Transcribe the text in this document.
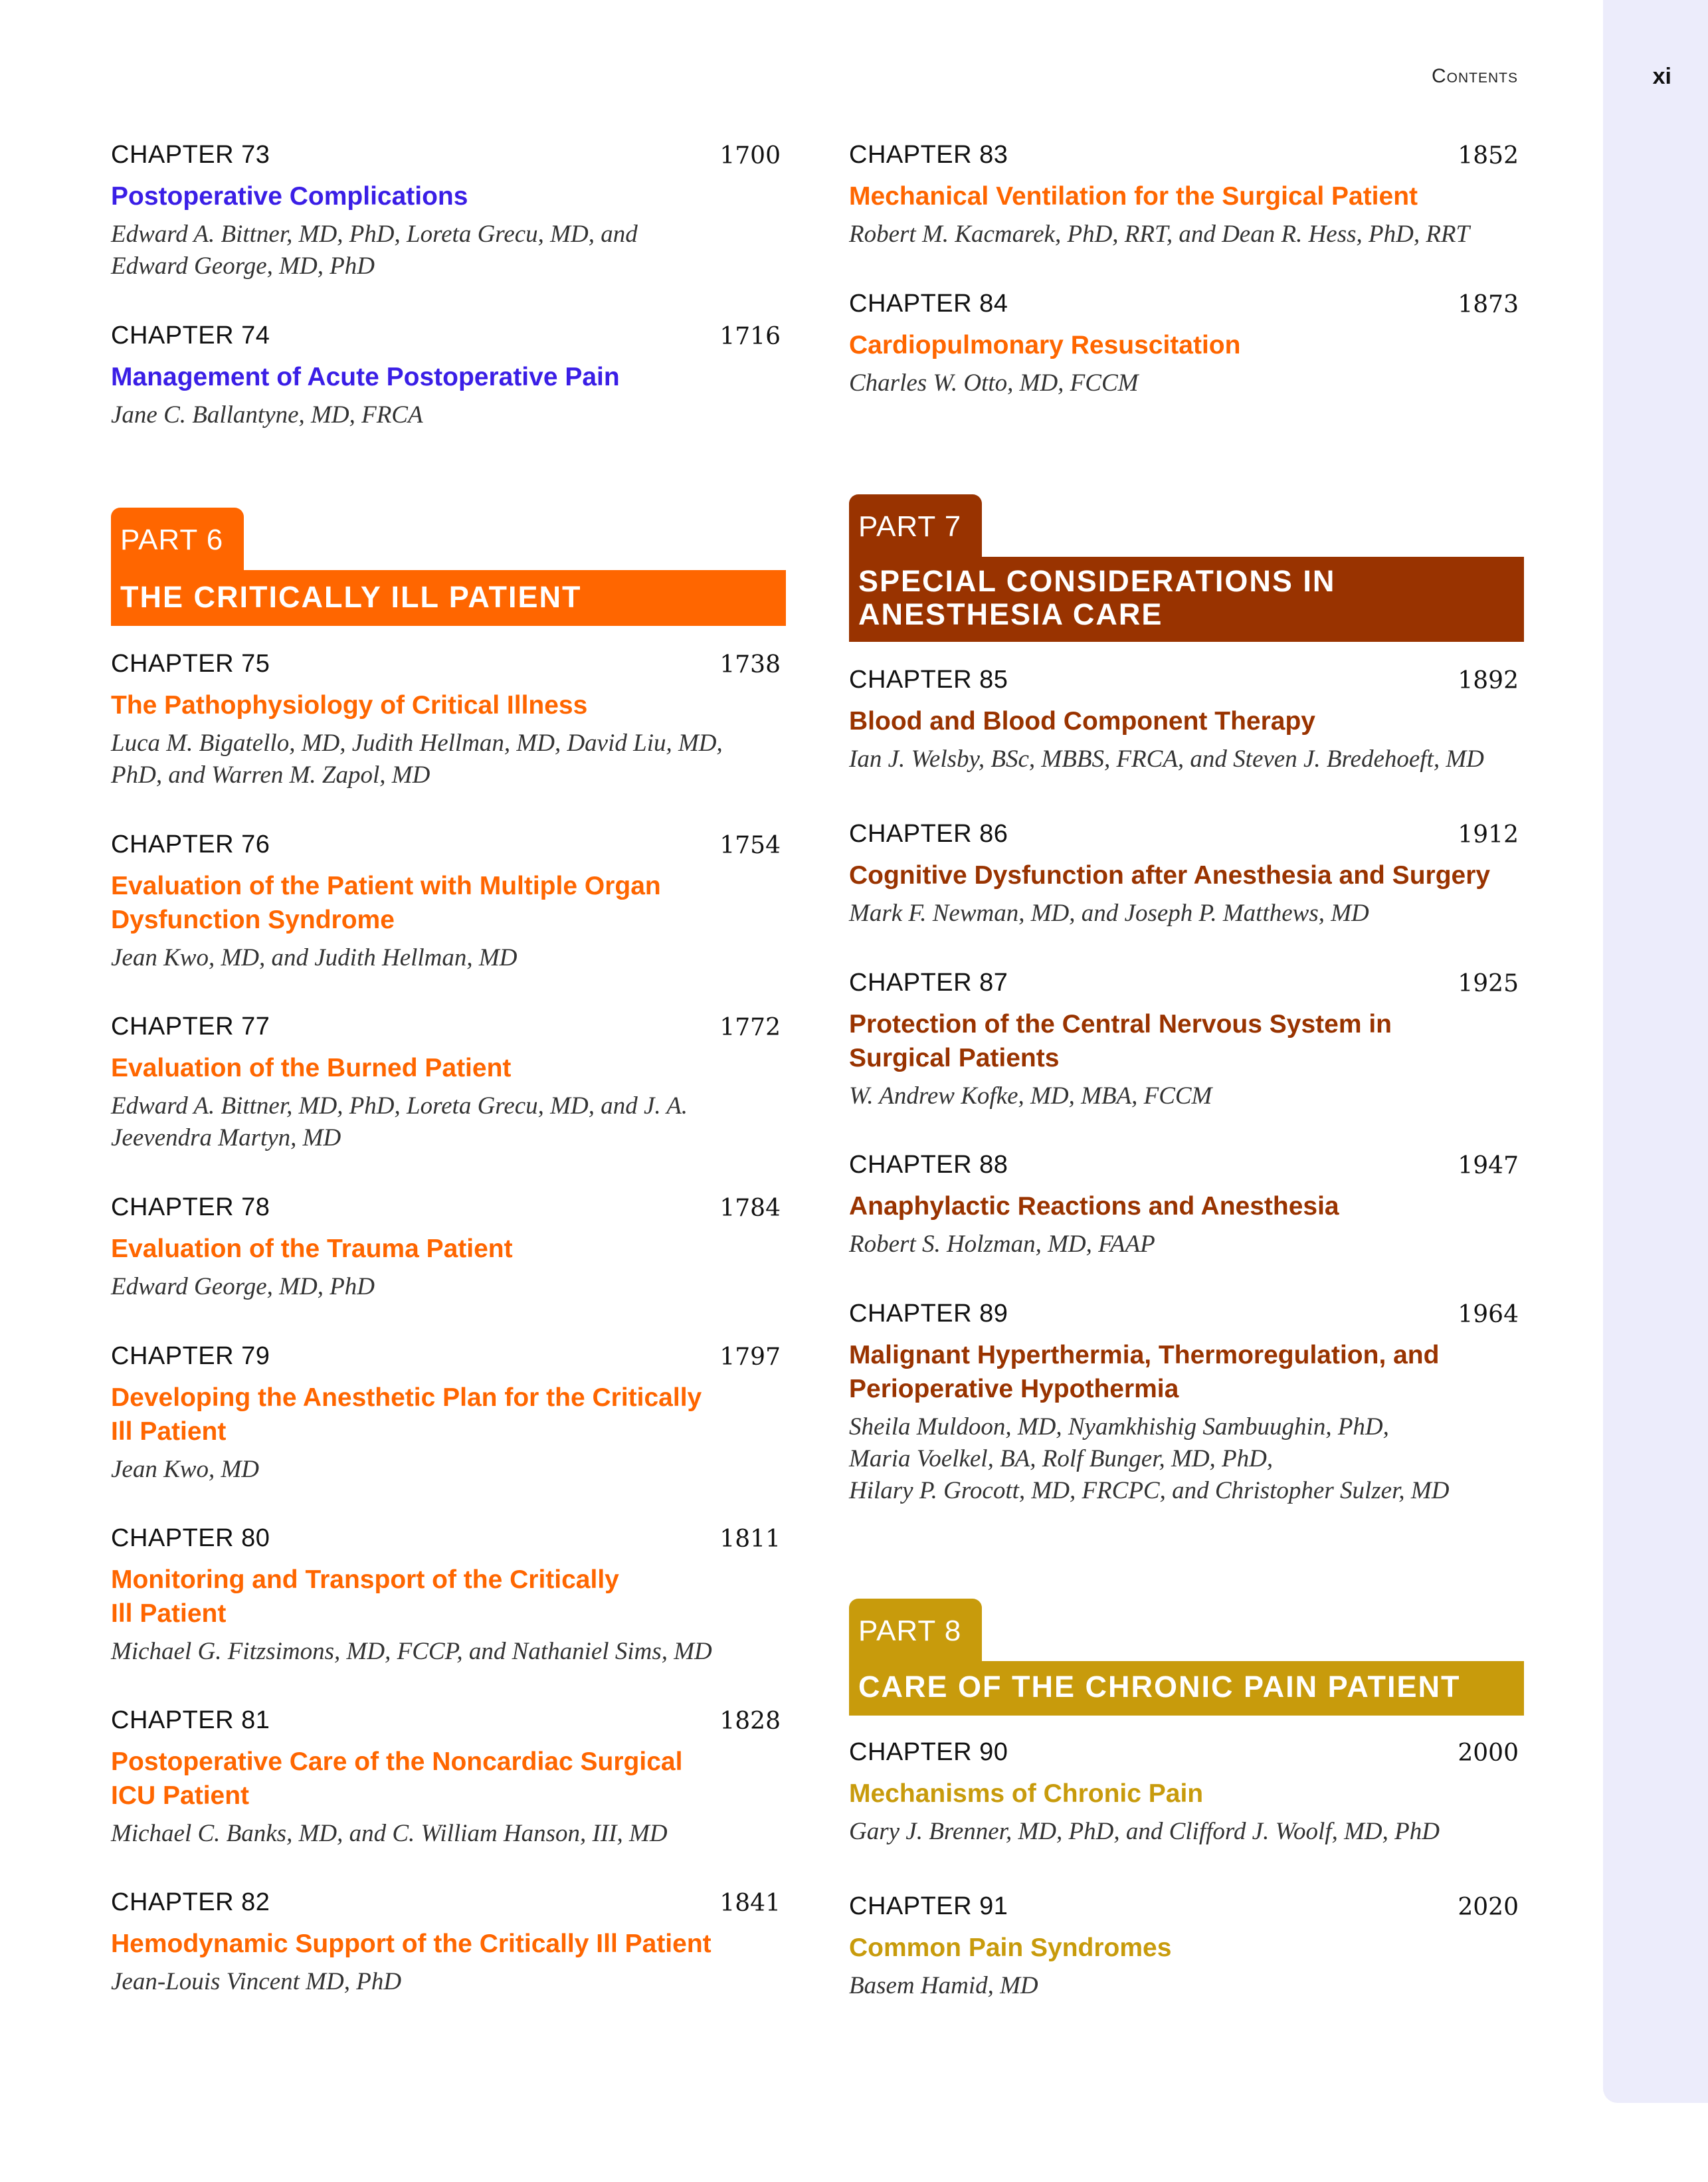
Contents	xi
CHAPTER 73	1700
Postoperative Complications
Edward A. Bittner, MD, PhD, Loreta Grecu, MD, and
Edward George, MD, PhD
CHAPTER 74	1716
Management of Acute Postoperative Pain
Jane C. Ballantyne, MD, FRCA
PART 6
THE CRITICALLY ILL PATIENT
CHAPTER 75	1738
The Pathophysiology of Critical Illness
Luca M. Bigatello, MD, Judith Hellman, MD, David Liu, MD,
PhD, and Warren M. Zapol, MD
CHAPTER 76	1754
Evaluation of the Patient with Multiple Organ
Dysfunction Syndrome
Jean Kwo, MD, and Judith Hellman, MD
CHAPTER 77	1772
Evaluation of the Burned Patient
Edward A. Bittner, MD, PhD, Loreta Grecu, MD, and J. A.
Jeevendra Martyn, MD
CHAPTER 78	1784
Evaluation of the Trauma Patient
Edward George, MD, PhD
CHAPTER 79	1797
Developing the Anesthetic Plan for the Critically
Ill Patient
Jean Kwo, MD
CHAPTER 80	1811
Monitoring and Transport of the Critically
Ill Patient
Michael G. Fitzsimons, MD, FCCP, and Nathaniel Sims, MD
CHAPTER 81	1828
Postoperative Care of the Noncardiac Surgical
ICU Patient
Michael C. Banks, MD, and C. William Hanson, III, MD
CHAPTER 82	1841
Hemodynamic Support of the Critically Ill Patient
Jean-Louis Vincent MD, PhD
CHAPTER 83	1852
Mechanical Ventilation for the Surgical Patient
Robert M. Kacmarek, PhD, RRT, and Dean R. Hess, PhD, RRT
CHAPTER 84	1873
Cardiopulmonary Resuscitation
Charles W. Otto, MD, FCCM
PART 7
SPECIAL CONSIDERATIONS IN
ANESTHESIA CARE
CHAPTER 85	1892
Blood and Blood Component Therapy
Ian J. Welsby, BSc, MBBS, FRCA, and Steven J. Bredehoeft, MD
CHAPTER 86	1912
Cognitive Dysfunction after Anesthesia and Surgery
Mark F. Newman, MD, and Joseph P. Matthews, MD
CHAPTER 87	1925
Protection of the Central Nervous System in
Surgical Patients
W. Andrew Kofke, MD, MBA, FCCM
CHAPTER 88	1947
Anaphylactic Reactions and Anesthesia
Robert S. Holzman, MD, FAAP
CHAPTER 89	1964
Malignant Hyperthermia, Thermoregulation, and
Perioperative Hypothermia
Sheila Muldoon, MD, Nyamkhishig Sambuughin, PhD,
Maria Voelkel, BA, Rolf Bunger, MD, PhD,
Hilary P. Grocott, MD, FRCPC, and Christopher Sulzer, MD
PART 8
CARE OF THE CHRONIC PAIN PATIENT
CHAPTER 90	2000
Mechanisms of Chronic Pain
Gary J. Brenner, MD, PhD, and Clifford J. Woolf, MD, PhD
CHAPTER 91	2020
Common Pain Syndromes
Basem Hamid, MD
